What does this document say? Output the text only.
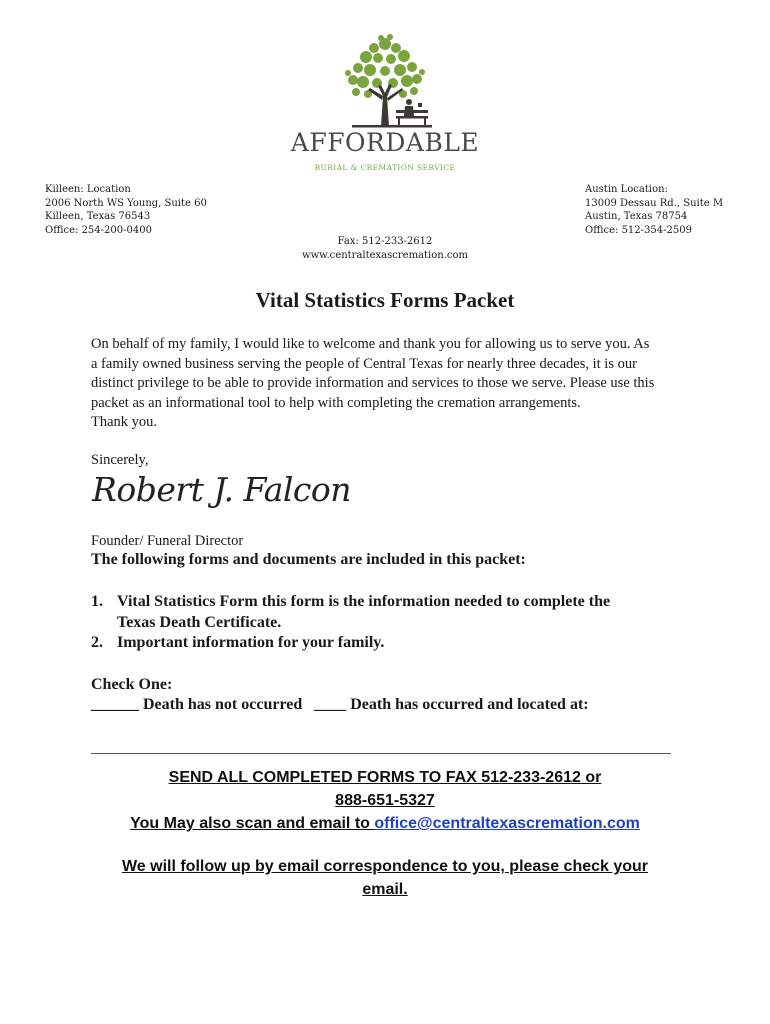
AFFORDABLE
BURIAL & CREMATION SERVICE
Killeen: Location
2006 North WS Young, Suite 60
Killeen, Texas 76543
Office: 254-200-0400
Austin Location:
13009 Dessau Rd., Suite M
Austin, Texas 78754
Office: 512-354-2509
Fax: 512-233-2612
www.centraltexascremation.com
Vital Statistics Forms Packet
On behalf of my family, I would like to welcome and thank you for allowing us to serve you. As
a family owned business serving the people of Central Texas for nearly three decades, it is our
distinct privilege to be able to provide information and services to those we serve. Please use this
packet as an informational tool to help with completing the cremation arrangements.
Thank you.
Sincerely,
Robert J. Falcon
Founder/ Funeral Director
The following forms and documents are included in this packet:
1. Vital Statistics Form this form is the information needed to complete the
Texas Death Certificate.
2. Important information for your family.
Check One:
______ Death has not occurred ____ Death has occurred and located at:
SEND ALL COMPLETED FORMS TO FAX 512-233-2612 or
888-651-5327
You May also scan and email to office@centraltexascremation.com
We will follow up by email correspondence to you, please check your
email.
